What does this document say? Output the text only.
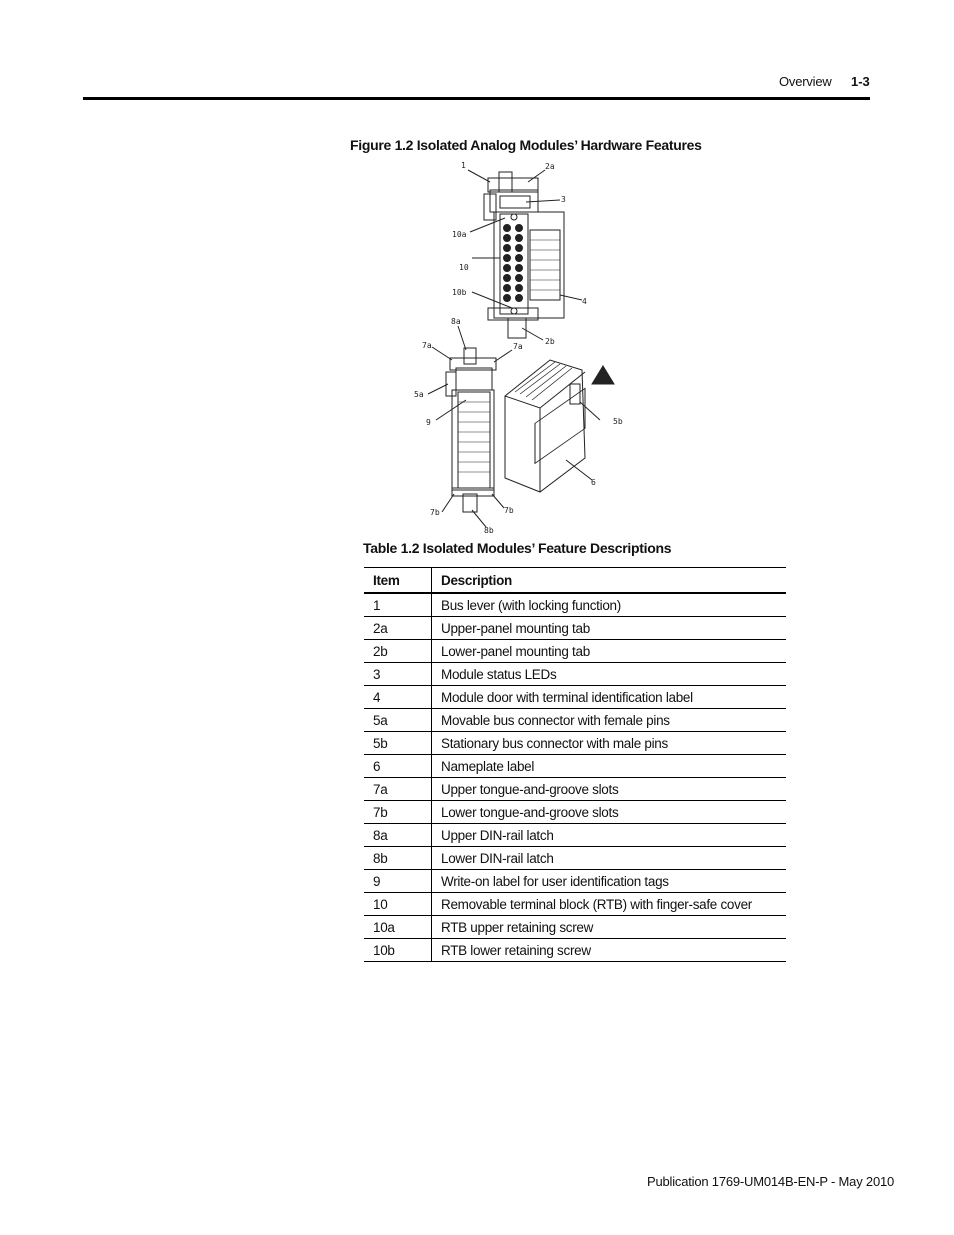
Overview 1-3
Figure 1.2 Isolated Analog Modules’ Hardware Features
1	2a
3
10a
10
10b
4
2b
8a
7a	7a
5a
9	5b
6
7b	7b
8b
Table 1.2 Isolated Modules’ Feature Descriptions
Item	Description
1	Bus lever (with locking function)
2a	Upper-panel mounting tab
2b	Lower-panel mounting tab
3	Module status LEDs
4	Module door with terminal identification label
5a	Movable bus connector with female pins
5b	Stationary bus connector with male pins
6	Nameplate label
7a	Upper tongue-and-groove slots
7b	Lower tongue-and-groove slots
8a	Upper DIN-rail latch
8b	Lower DIN-rail latch
9	Write-on label for user identification tags
10	Removable terminal block (RTB) with finger-safe cover
10a	RTB upper retaining screw
10b	RTB lower retaining screw
Publication 1769-UM014B-EN-P - May 2010
